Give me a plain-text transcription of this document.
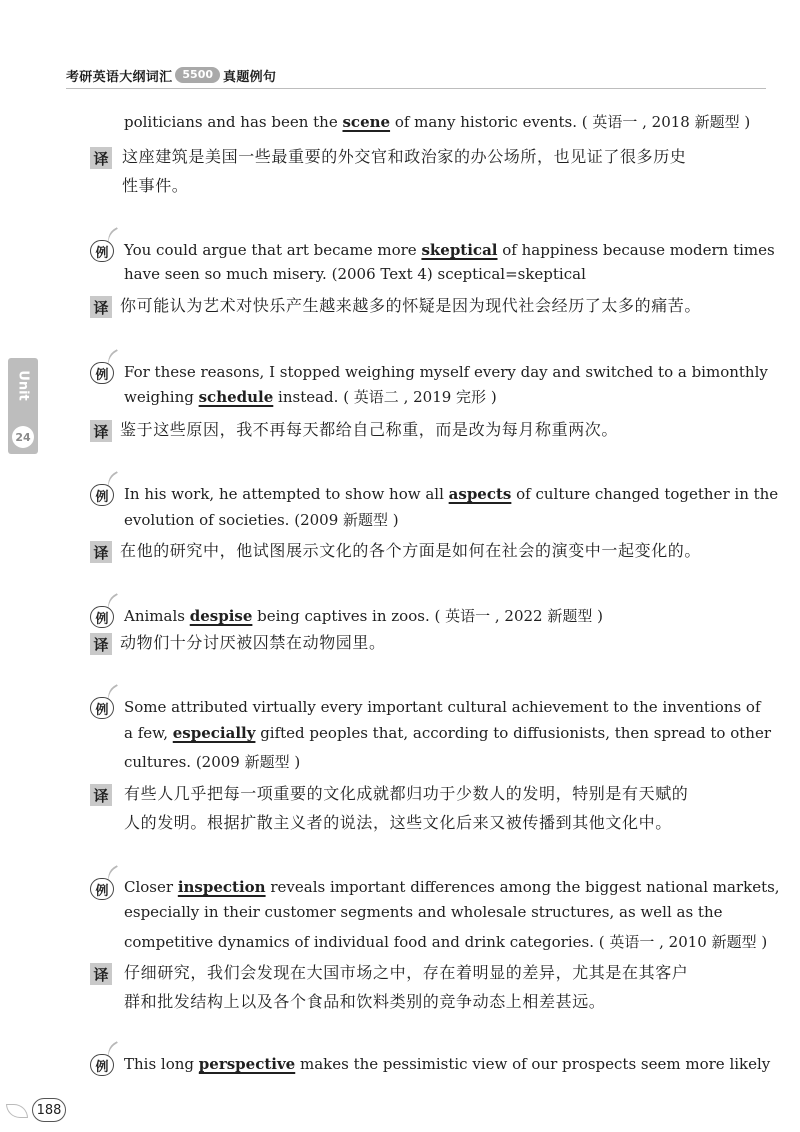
考研英语大纲词汇 5500 真题例句
Unit
24
politicians and has been the scene of many historic events. ( 英语一 , 2018 新题型 )
译 这座建筑是美国一些最重要的外交官和政治家的办公场所，也见证了很多历史
性事件。
例	You could argue that art became more skeptical of happiness because modern times
have seen so much misery. (2006 Text 4) sceptical=skeptical
译 你可能认为艺术对快乐产生越来越多的怀疑是因为现代社会经历了太多的痛苦。
例	For these reasons, I stopped weighing myself every day and switched to a bimonthly
weighing schedule instead. ( 英语二 , 2019 完形 )
译 鉴于这些原因，我不再每天都给自己称重，而是改为每月称重两次。
例	In his work, he attempted to show how all aspects of culture changed together in the
evolution of societies. (2009 新题型 )
译 在他的研究中，他试图展示文化的各个方面是如何在社会的演变中一起变化的。
例	Animals despise being captives in zoos. ( 英语一 , 2022 新题型 )
译 动物们十分讨厌被囚禁在动物园里。
例	Some attributed virtually every important cultural achievement to the inventions of
a few, especially gifted peoples that, according to diffusionists, then spread to other
cultures. (2009 新题型 )
译 有些人几乎把每一项重要的文化成就都归功于少数人的发明，特别是有天赋的
人的发明。根据扩散主义者的说法，这些文化后来又被传播到其他文化中。
例	Closer inspection reveals important differences among the biggest national markets,
especially in their customer segments and wholesale structures, as well as the
competitive dynamics of individual food and drink categories. ( 英语一 , 2010 新题型 )
译 仔细研究，我们会发现在大国市场之中，存在着明显的差异，尤其是在其客户
群和批发结构上以及各个食品和饮料类别的竞争动态上相差甚远。
例	This long perspective makes the pessimistic view of our prospects seem more likely
188
